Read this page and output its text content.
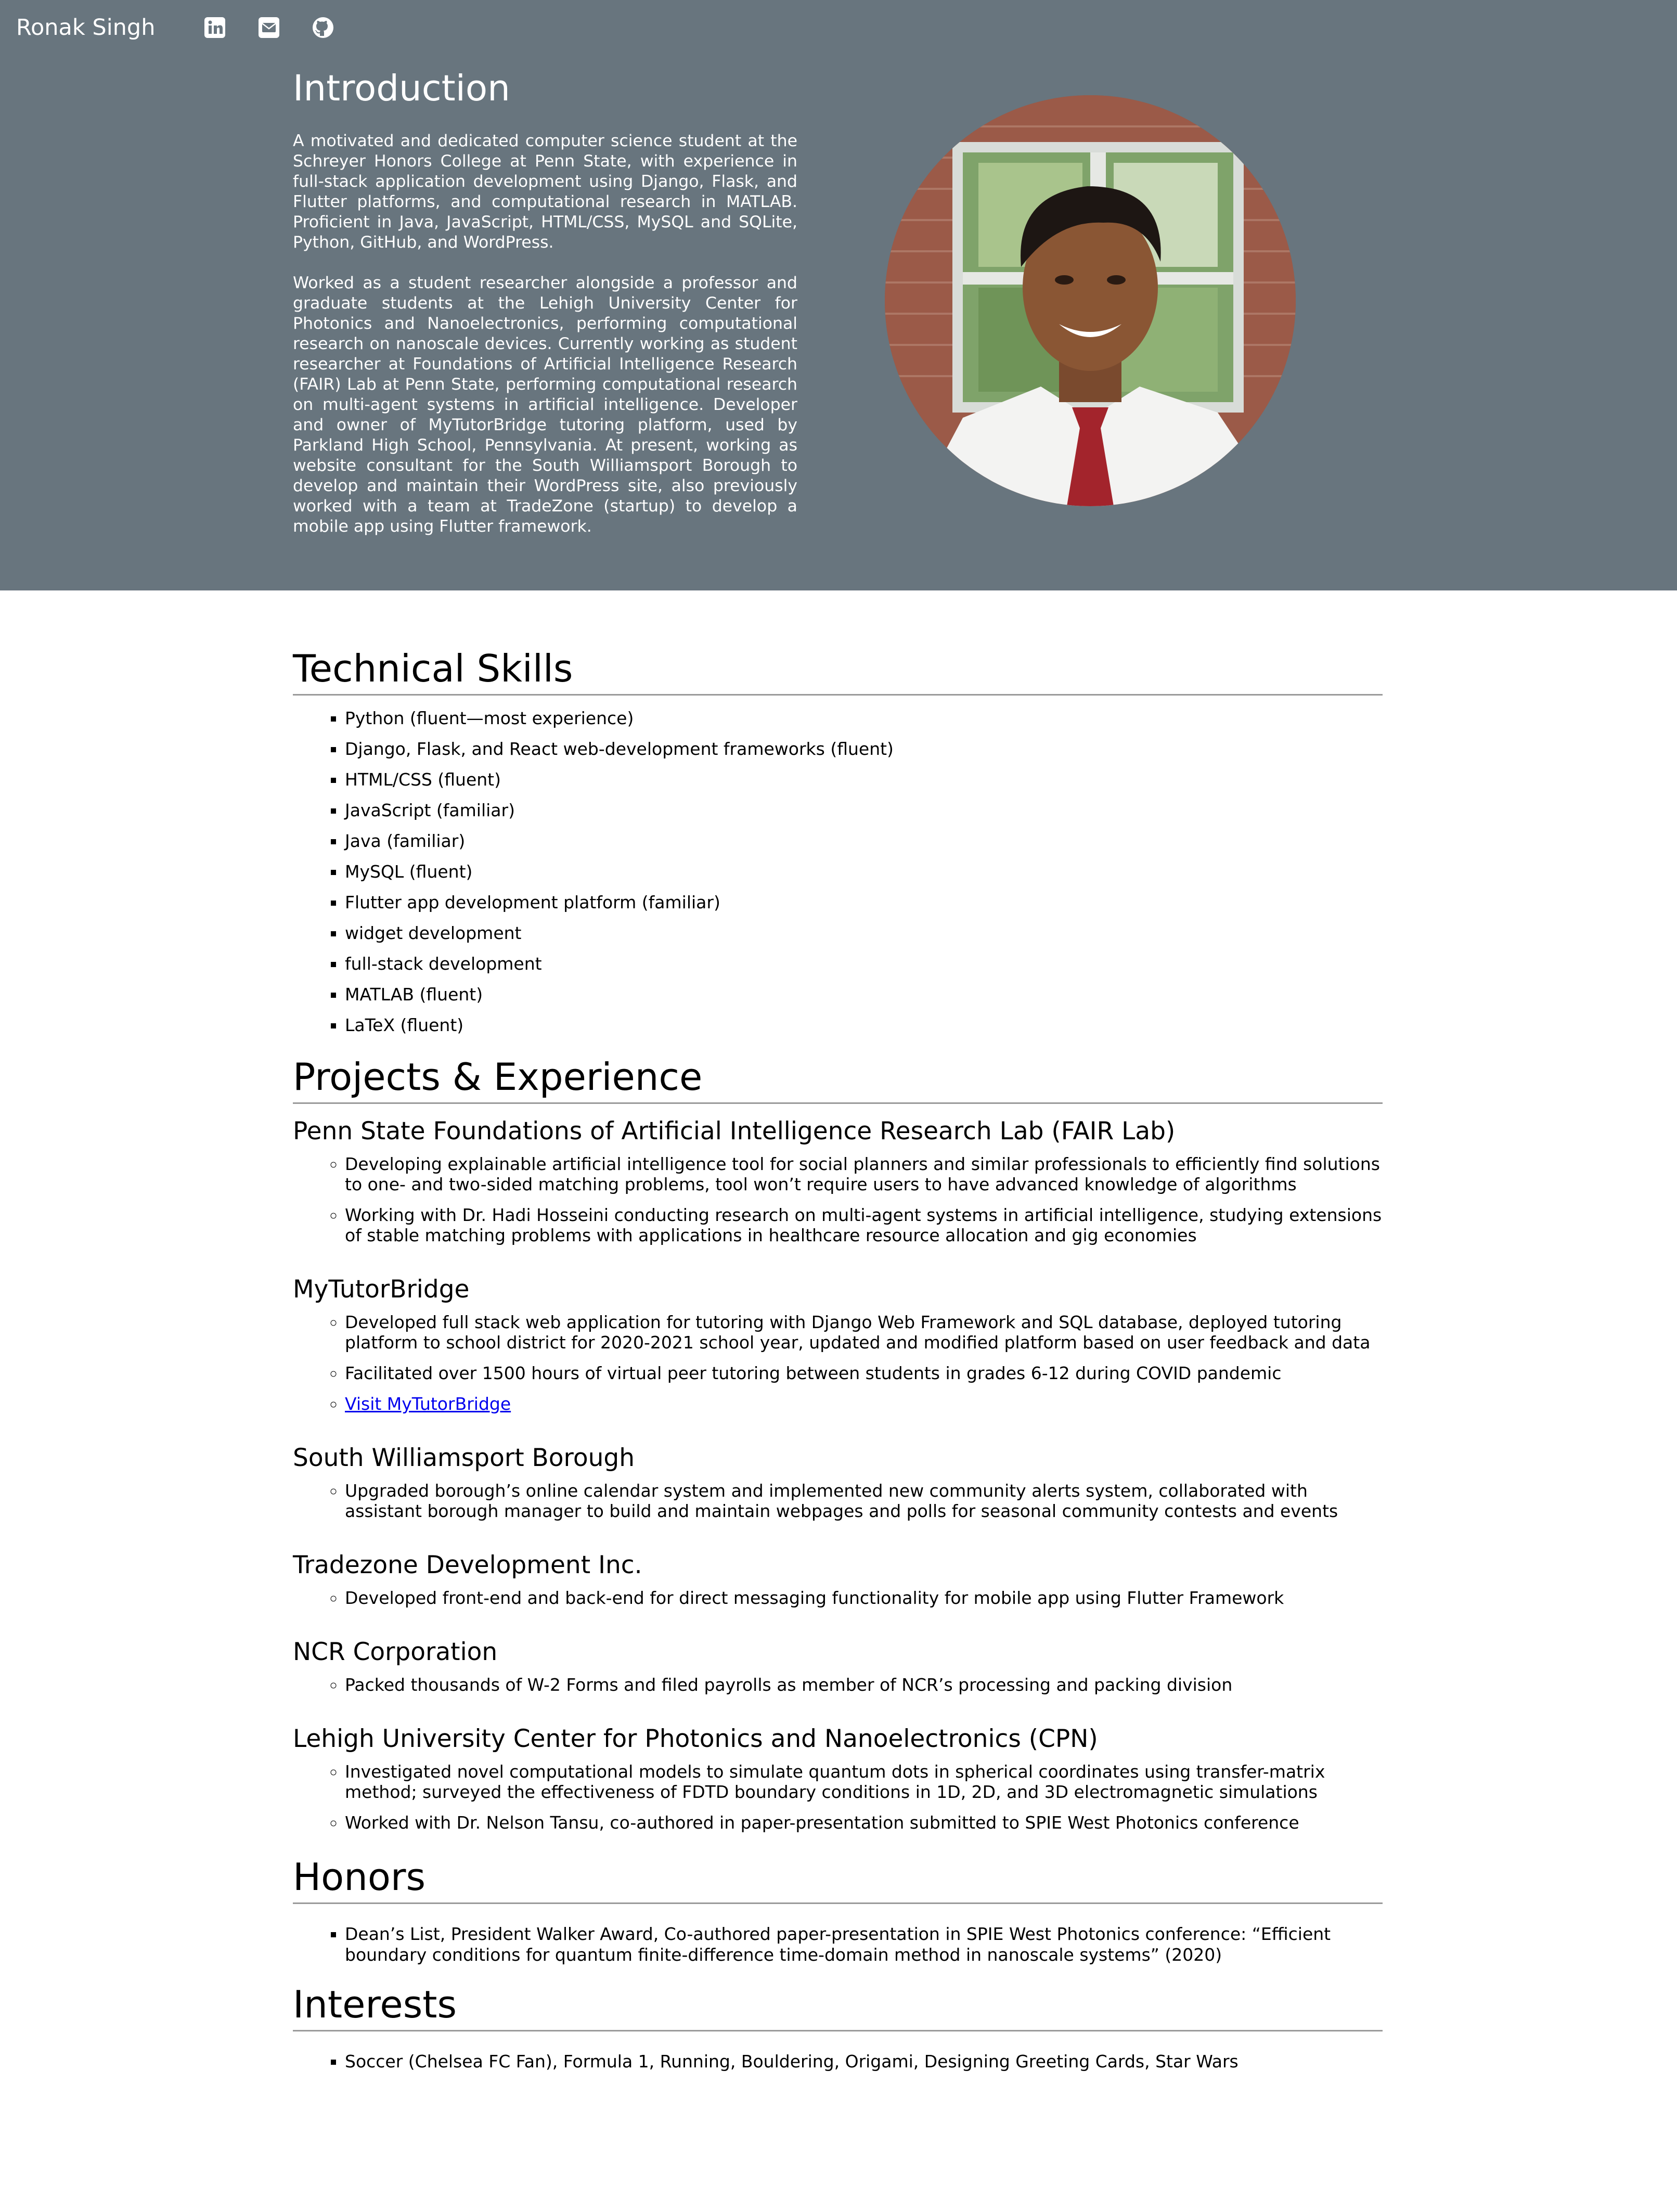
Introduction

A motivated and dedicated computer science student at the Schreyer Honors College at Penn State, with experience in full-stack application development using Django, Flask, and Flutter platforms, and computational research in MATLAB. Proficient in Java, JavaScript, HTML/CSS, MySQL and SQLite, Python, GitHub, and WordPress.

Worked as a student researcher alongside a professor and graduate students at the Lehigh University Center for Photonics and Nanoelectronics, performing computational research on nanoscale devices. Currently working as student researcher at Foundations of Artificial Intelligence Research (FAIR) Lab at Penn State, performing computational research on multi-agent systems in artificial intelligence. Developer and owner of MyTutorBridge tutoring platform, used by Parkland High School, Pennsylvania. At present, working as website consultant for the South Williamsport Borough to develop and maintain their WordPress site, also previously worked with a team at TradeZone (startup) to develop a mobile app using Flutter framework.

Ronak Singh
Technical Skills
▪ Python (fluent—most experience)
▪ Django, Flask, and React web-development frameworks (fluent)
▪ HTML/CSS (fluent)
▪ JavaScript (familiar)
▪ Java (familiar)
▪ MySQL (fluent)
▪ Flutter app development platform (familiar)
▪ widget development
▪ full-stack development
▪ MATLAB (fluent)
▪ LaTeX (fluent)
Projects & Experience
Penn State Foundations of Artificial Intelligence Research Lab (FAIR Lab)
◦ Developing explainable artificial intelligence tool for social planners and similar professionals to efficiently find solutions to one- and two-sided matching problems, tool won’t require users to have advanced knowledge of algorithms
◦ Working with Dr. Hadi Hosseini conducting research on multi-agent systems in artificial intelligence, studying extensions of stable matching problems with applications in healthcare resource allocation and gig economies
MyTutorBridge
◦ Developed full stack web application for tutoring with Django Web Framework and SQL database, deployed tutoring platform to school district for 2020-2021 school year, updated and modified platform based on user feedback and data
◦ Facilitated over 1500 hours of virtual peer tutoring between students in grades 6-12 during COVID pandemic
◦ Visit MyTutorBridge
South Williamsport Borough
◦ Upgraded borough’s online calendar system and implemented new community alerts system, collaborated with assistant borough manager to build and maintain webpages and polls for seasonal community contests and events
Tradezone Development Inc.
◦ Developed front-end and back-end for direct messaging functionality for mobile app using Flutter Framework
NCR Corporation
◦ Packed thousands of W-2 Forms and filed payrolls as member of NCR’s processing and packing division
Lehigh University Center for Photonics and Nanoelectronics (CPN)
◦ Investigated novel computational models to simulate quantum dots in spherical coordinates using transfer-matrix method; surveyed the effectiveness of FDTD boundary conditions in 1D, 2D, and 3D electromagnetic simulations
◦ Worked with Dr. Nelson Tansu, co-authored in paper-presentation submitted to SPIE West Photonics conference
Honors
▪ Dean’s List, President Walker Award, Co-authored paper-presentation in SPIE West Photonics conference: “Efficient boundary conditions for quantum finite-difference time-domain method in nanoscale systems” (2020)
Interests
▪ Soccer (Chelsea FC Fan), Formula 1, Running, Bouldering, Origami, Designing Greeting Cards, Star Wars
